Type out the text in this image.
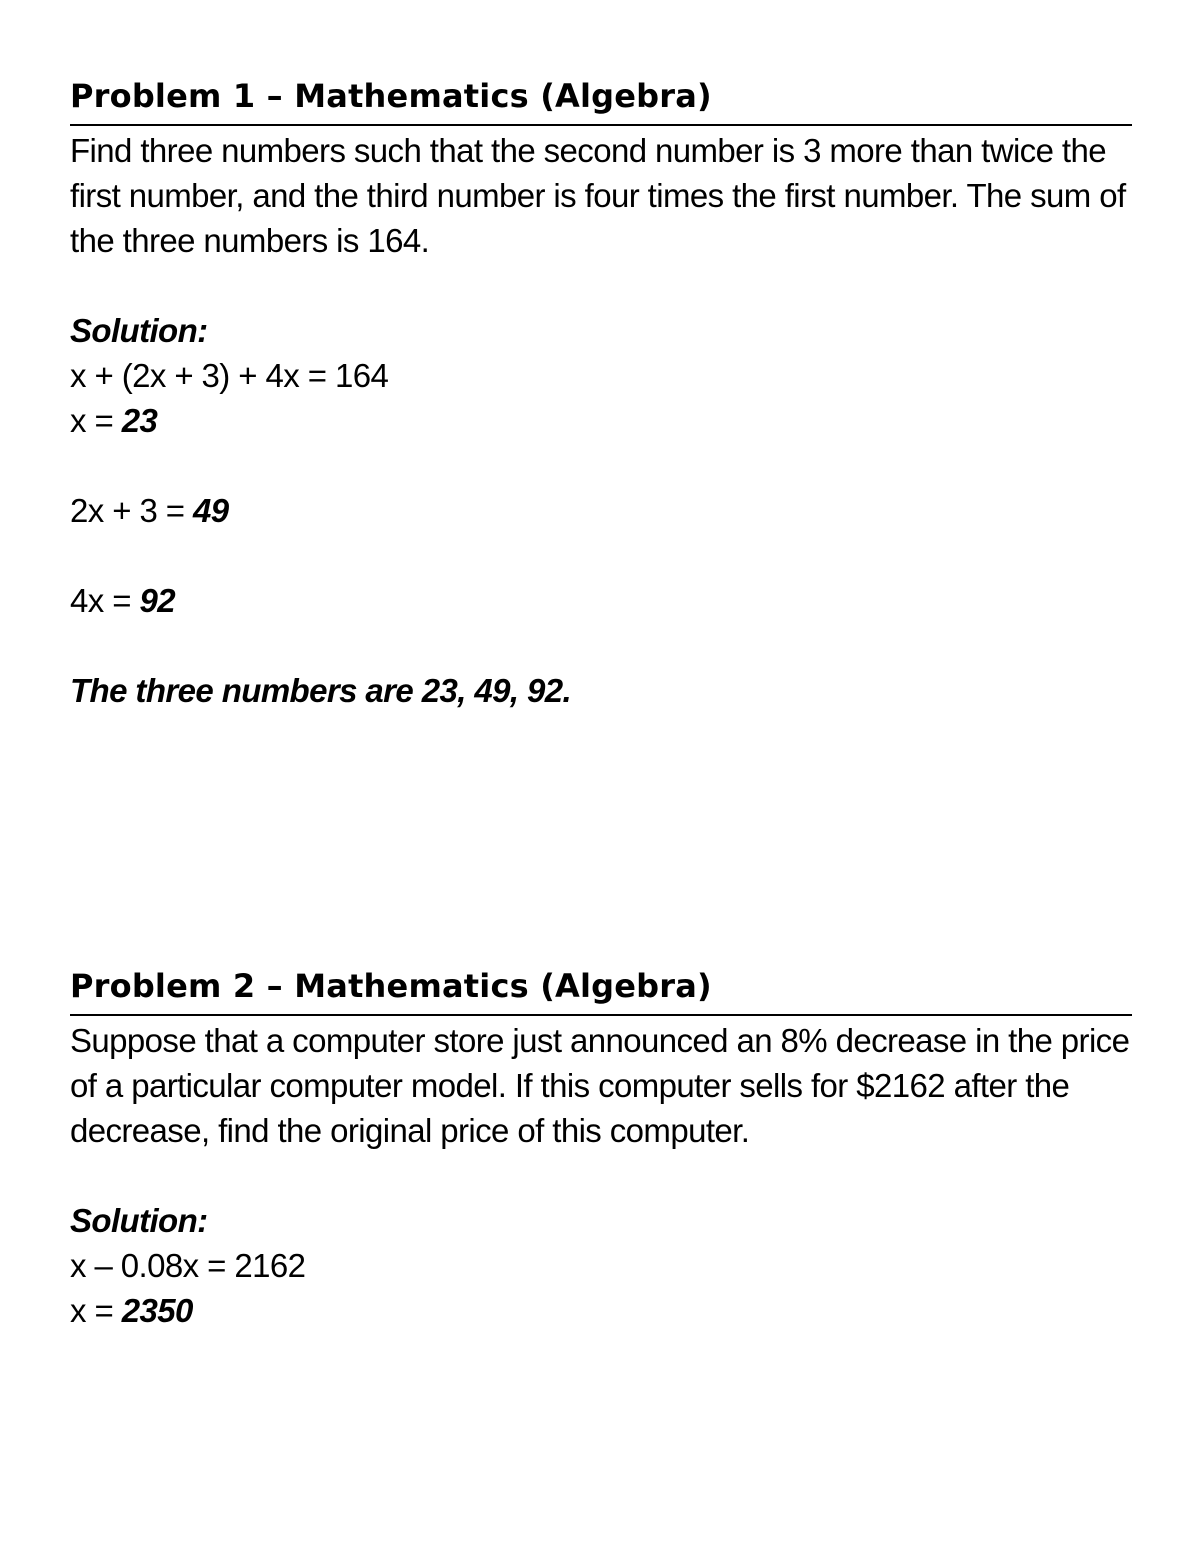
Problem 1 – Mathematics (Algebra)

Find three numbers such that the second number is 3 more than twice the first number, and the third number is four times the first number. The sum of the three numbers is 164.

Solution:
x + (2x + 3) + 4x = 164
x = 23
2x + 3 = 49
4x = 92
The three numbers are 23, 49, 92.
Problem 2 – Mathematics (Algebra)

Suppose that a computer store just announced an 8% decrease in the price of a particular computer model. If this computer sells for $2162 after the decrease, find the original price of this computer.

Solution:
x – 0.08x = 2162
x = 2350
